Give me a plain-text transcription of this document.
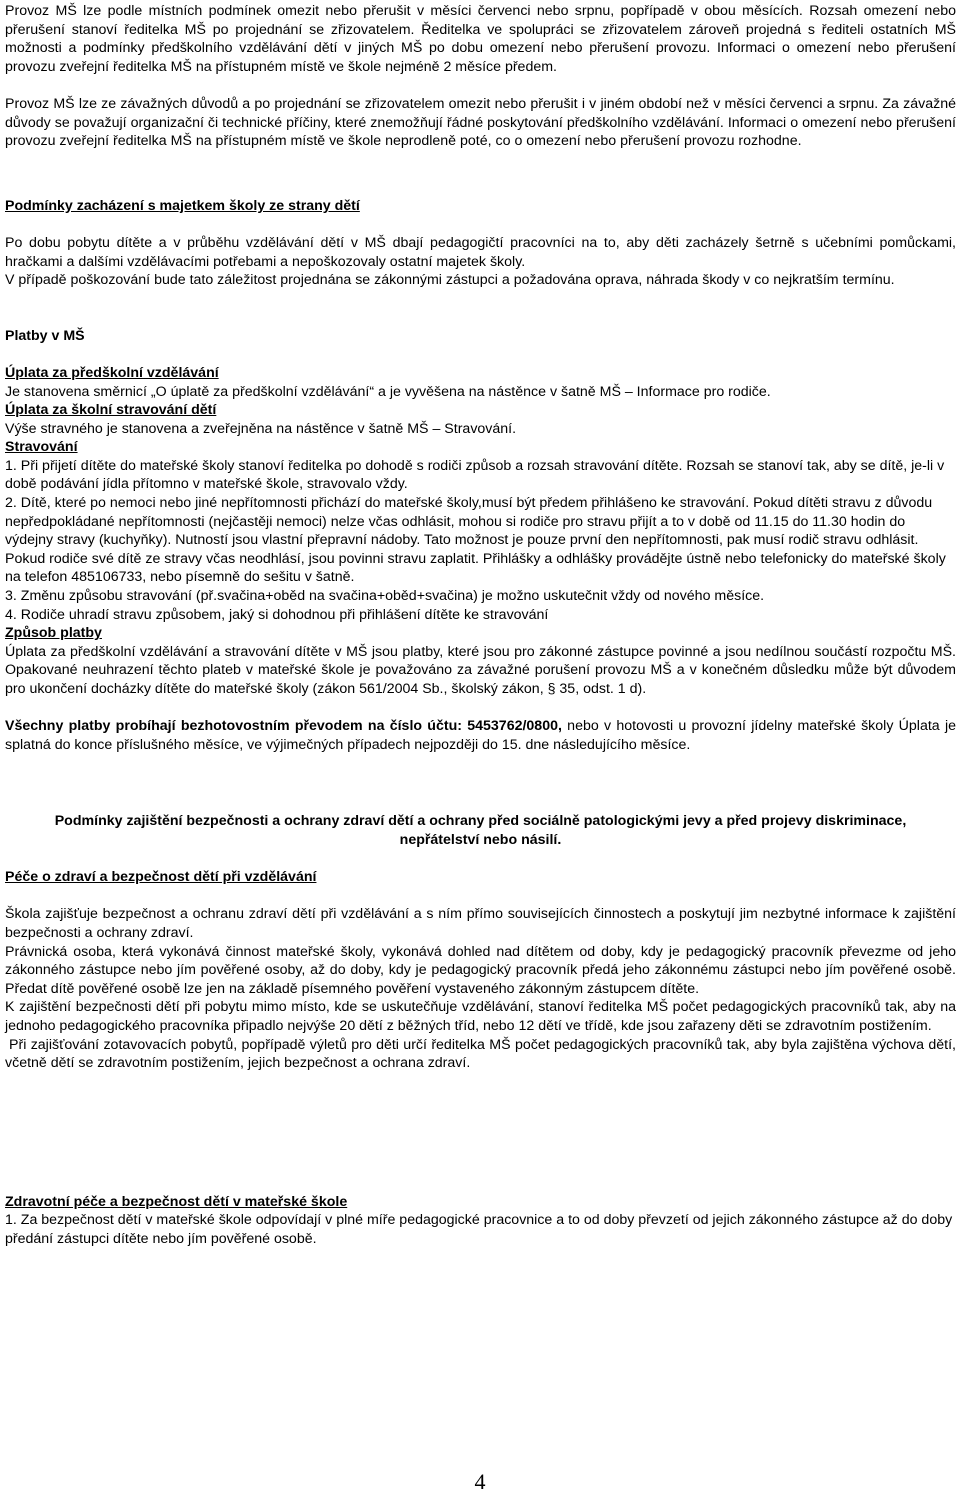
Provoz MŠ lze podle místních podmínek omezit nebo přerušit v měsíci červenci nebo srpnu, popřípadě v obou měsících. Rozsah omezení nebo přerušení stanoví ředitelka MŠ po projednání se zřizovatelem. Ředitelka ve spolupráci se zřizovatelem zároveň projedná s řediteli ostatních MŠ možnosti a podmínky předškolního vzdělávání dětí v jiných MŠ po dobu omezení nebo přerušení provozu. Informaci o omezení nebo přerušení provozu zveřejní ředitelka MŠ na přístupném místě ve škole nejméně 2 měsíce předem.

Provoz MŠ lze ze závažných důvodů a po projednání se zřizovatelem omezit nebo přerušit i v jiném období než v měsíci červenci a srpnu. Za závažné důvody se považují organizační či technické příčiny, které znemožňují řádné poskytování předškolního vzdělávání. Informaci o omezení nebo přerušení provozu zveřejní ředitelka MŠ na přístupném místě ve škole neprodleně poté, co o omezení nebo přerušení provozu rozhodne.

Podmínky zacházení s majetkem školy ze strany dětí

Po dobu pobytu dítěte a v průběhu vzdělávání dětí v MŠ dbají pedagogičtí pracovníci na to, aby děti zacházely šetrně s učebními pomůckami, hračkami a dalšími vzdělávacími potřebami a nepoškozovaly ostatní majetek školy.

V případě poškozování bude tato záležitost projednána se zákonnými zástupci a požadována oprava, náhrada škody v co nejkratším termínu.

Platby v MŠ

Úplata za předškolní vzdělávání

Je stanovena směrnicí „O úplatě za předškolní vzdělávání“ a je vyvěšena na nástěnce v šatně MŠ – Informace pro rodiče.

Úplata za školní stravování dětí

Výše stravného je stanovena a zveřejněna na nástěnce v šatně MŠ – Stravování.

Stravování

1. Při přijetí dítěte do mateřské školy stanoví ředitelka po dohodě s rodiči způsob a rozsah stravování dítěte. Rozsah se stanoví tak, aby se dítě, je-li v době podávání jídla přítomno v mateřské škole, stravovalo vždy.

2. Dítě, které po nemoci nebo jiné nepřítomnosti přichází do mateřské školy,musí být předem přihlášeno ke stravování. Pokud dítěti stravu z důvodu nepředpokládané nepřítomnosti (nejčastěji nemoci) nelze včas odhlásit, mohou si rodiče pro stravu přijít a to v době od 11.15 do 11.30 hodin do výdejny stravy (kuchyňky). Nutností jsou vlastní přepravní nádoby. Tato možnost je pouze první den nepřítomnosti, pak musí rodič stravu odhlásit. Pokud rodiče své dítě ze stravy včas neodhlásí, jsou povinni stravu zaplatit. Přihlášky a odhlášky provádějte ústně nebo telefonicky do mateřské školy na telefon 485106733, nebo písemně do sešitu v šatně.

3. Změnu způsobu stravování (př.svačina+oběd na svačina+oběd+svačina) je možno uskutečnit vždy od nového měsíce.

4. Rodiče uhradí stravu způsobem, jaký si dohodnou při přihlášení dítěte ke stravování

Způsob platby

Úplata za předškolní vzdělávání a stravování dítěte v MŠ jsou platby, které jsou pro zákonné zástupce povinné a jsou nedílnou součástí rozpočtu MŠ. Opakované neuhrazení těchto plateb v mateřské škole je považováno za závažné porušení provozu MŠ a v konečném důsledku může být důvodem pro ukončení docházky dítěte do mateřské školy (zákon 561/2004 Sb., školský zákon, § 35, odst. 1 d).

Všechny platby probíhají bezhotovostním převodem na číslo účtu: 5453762/0800, nebo v hotovosti u provozní jídelny mateřské školy Úplata je splatná do konce příslušného měsíce, ve výjimečných případech nejpozději do 15. dne následujícího měsíce.

Podmínky zajištění bezpečnosti a ochrany zdraví dětí a ochrany před sociálně patologickými jevy a před projevy diskriminace, nepřátelství nebo násilí.

Péče o zdraví a bezpečnost dětí při vzdělávání

Škola zajišťuje bezpečnost a ochranu zdraví dětí při vzdělávání a s ním přímo souvisejících činnostech a poskytují jim nezbytné informace k zajištění bezpečnosti a ochrany zdraví.

Právnická osoba, která vykonává činnost mateřské školy, vykonává dohled nad dítětem od doby, kdy je pedagogický pracovník převezme od jeho zákonného zástupce nebo jím pověřené osoby, až do doby, kdy je pedagogický pracovník předá jeho zákonnému zástupci nebo jím pověřené osobě. Předat dítě pověřené osobě lze jen na základě písemného pověření vystaveného zákonným zástupcem dítěte.

K zajištění bezpečnosti dětí při pobytu mimo místo, kde se uskutečňuje vzdělávání, stanoví ředitelka MŠ počet pedagogických pracovníků tak, aby na jednoho pedagogického pracovníka připadlo nejvýše 20 dětí z běžných tříd, nebo 12 dětí ve třídě, kde jsou zařazeny děti se zdravotním postižením.

Při zajišťování zotavovacích pobytů, popřípadě výletů pro děti určí ředitelka MŠ počet pedagogických pracovníků tak, aby byla zajištěna výchova dětí, včetně dětí se zdravotním postižením, jejich bezpečnost a ochrana zdraví.

Zdravotní péče a bezpečnost dětí v mateřské škole

1. Za bezpečnost dětí v mateřské škole odpovídají v plné míře pedagogické pracovnice a to od doby převzetí od jejich zákonného zástupce až do doby předání zástupci dítěte nebo jím pověřené osobě.

4
